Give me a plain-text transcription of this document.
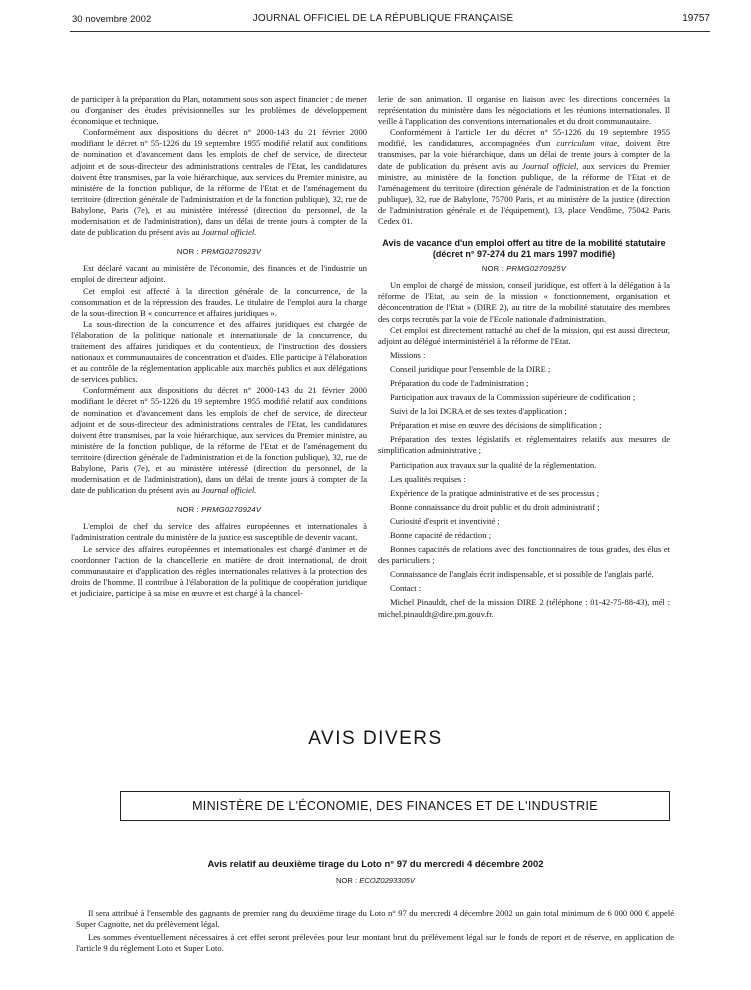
30 novembre 2002	JOURNAL OFFICIEL DE LA RÉPUBLIQUE FRANÇAISE	19757

de participer à la préparation du Plan, notamment sous son aspect financier ; de mener ou d'organiser des études prévisionnelles sur les problèmes de développement économique et technique.

Conformément aux dispositions du décret n° 2000-143 du 21 février 2000 modifiant le décret n° 55-1226 du 19 septembre 1955 modifié relatif aux conditions de nomination et d'avancement dans les emplois de chef de service, de directeur adjoint et de sous-directeur des administrations centrales de l'Etat, les candidatures doivent être transmises, par la voie hiérarchique, aux services du Premier ministre, au ministère de la fonction publique, de la réforme de l'Etat et de l'aménagement du territoire (direction générale de l'administration et de la fonction publique), 32, rue de Babylone, Paris (7e), et au ministère intéressé (direction du personnel, de la modernisation et de l'administration), dans un délai de trente jours à compter de la date de publication du présent avis au Journal officiel.

NOR : PRMG0270923V

Est déclaré vacant au ministère de l'économie, des finances et de l'industrie un emploi de directeur adjoint.

Cet emploi est affecté à la direction générale de la concurrence, de la consommation et de la répression des fraudes. Le titulaire de l'emploi aura la charge de la sous-direction B « concurrence et affaires juridiques ».

La sous-direction de la concurrence et des affaires juridiques est chargée de l'élaboration de la politique nationale et internationale de la concurrence, du traitement des affaires juridiques et du contentieux, de l'instruction des dossiers nationaux et communautaires de concentration et d'aides. Elle participe à l'élaboration et au contrôle de la réglementation applicable aux marchés publics et aux délégations de services publics.

Conformément aux dispositions du décret n° 2000-143 du 21 février 2000 modifiant le décret n° 55-1226 du 19 septembre 1955 modifié relatif aux conditions de nomination et d'avancement dans les emplois de chef de service, de directeur adjoint et de sous-directeur des administrations centrales de l'Etat, les candidatures doivent être transmises, par la voie hiérarchique, aux services du Premier ministre, au ministère de la fonction publique, de la réforme de l'Etat et de l'aménagement du territoire (direction générale de l'administration et de la fonction publique), 32, rue de Babylone, Paris (7e), et au ministère intéressé (direction du personnel, de la modernisation et de l'administration), dans un délai de trente jours à compter de la date de publication du présent avis au Journal officiel.

NOR : PRMG0270924V

L'emploi de chef du service des affaires européennes et internationales à l'administration centrale du ministère de la justice est susceptible de devenir vacant.

Le service des affaires européennes et internationales est chargé d'animer et de coordonner l'action de la chancellerie en matière de droit international, de droit communautaire et d'application des règles internationales relatives à la protection des droits de l'homme. Il contribue à l'élaboration de la politique de coopération juridique et judiciaire, participe à sa mise en œuvre et est chargé à la chancel-

lerie de son animation. Il organise en liaison avec les directions concernées la représentation du ministère dans les négociations et les réunions internationales. Il veille à l'application des conventions internationales et du droit communautaire.

Conformément à l'article 1er du décret n° 55-1226 du 19 septembre 1955 modifié, les candidatures, accompagnées d'un curriculum vitae, doivent être transmises, par la voie hiérarchique, dans un délai de trente jours à compter de la date de publication du présent avis au Journal officiel, aux services du Premier ministre, au ministère de la fonction publique, de la réforme de l'Etat et de l'aménagement du territoire (direction générale de l'administration et de la fonction publique), 32, rue de Babylone, 75700 Paris, et au ministère de la justice (direction de l'administration générale et de l'équipement), 13, place Vendôme, 75042 Paris Cedex 01.

Avis de vacance d'un emploi offert au titre de la mobilité statutaire (décret n° 97-274 du 21 mars 1997 modifié)
NOR : PRMG0270925V

Un emploi de chargé de mission, conseil juridique, est offert à la délégation à la réforme de l'Etat, au sein de la mission « fonctionnement, organisation et déconcentration de l'Etat » (DIRE 2), au titre de la mobilité statutaire des membres des corps recrutés par la voie de l'Ecole nationale d'administration.

Cet emploi est directement rattaché au chef de la mission, qui est aussi directeur, adjoint au délégué interministériel à la réforme de l'Etat.

Missions :

Conseil juridique pour l'ensemble de la DIRE ;

Préparation du code de l'administration ;

Participation aux travaux de la Commission supérieure de codification ;

Suivi de la loi DCRA et de ses textes d'application ;

Préparation et mise en œuvre des décisions de simplification ;

Préparation des textes législatifs et réglementaires relatifs aux mesures de simplification administrative ;

Participation aux travaux sur la qualité de la réglementation.

Les qualités requises :

Expérience de la pratique administrative et de ses processus ;

Bonne connaissance du droit public et du droit administratif ;

Curiosité d'esprit et inventivité ;

Bonne capacité de rédaction ;

Bonnes capacités de relations avec des fonctionnaires de tous grades, des élus et des particuliers ;

Connaissance de l'anglais écrit indispensable, et si possible de l'anglais parlé.

Contact :

Michel Pinauldt, chef de la mission DIRE 2 (téléphone : 01-42-75-88-43), mél : michel.pinauldt@dire.pm.gouv.fr.

AVIS DIVERS
MINISTÈRE DE L'ÉCONOMIE, DES FINANCES ET DE L'INDUSTRIE
Avis relatif au deuxième tirage du Loto n° 97 du mercredi 4 décembre 2002
NOR : ECOZ0293305V

Il sera attribué à l'ensemble des gagnants de premier rang du deuxième tirage du Loto n° 97 du mercredi 4 décembre 2002 un gain total minimum de 6 000 000 € appelé Super Cagnotte, net du prélèvement légal.

Les sommes éventuellement nécessaires à cet effet seront prélevées pour leur montant brut du prélèvement légal sur le fonds de report et de réserve, en application de l'article 9 du règlement Loto et Super Loto.
